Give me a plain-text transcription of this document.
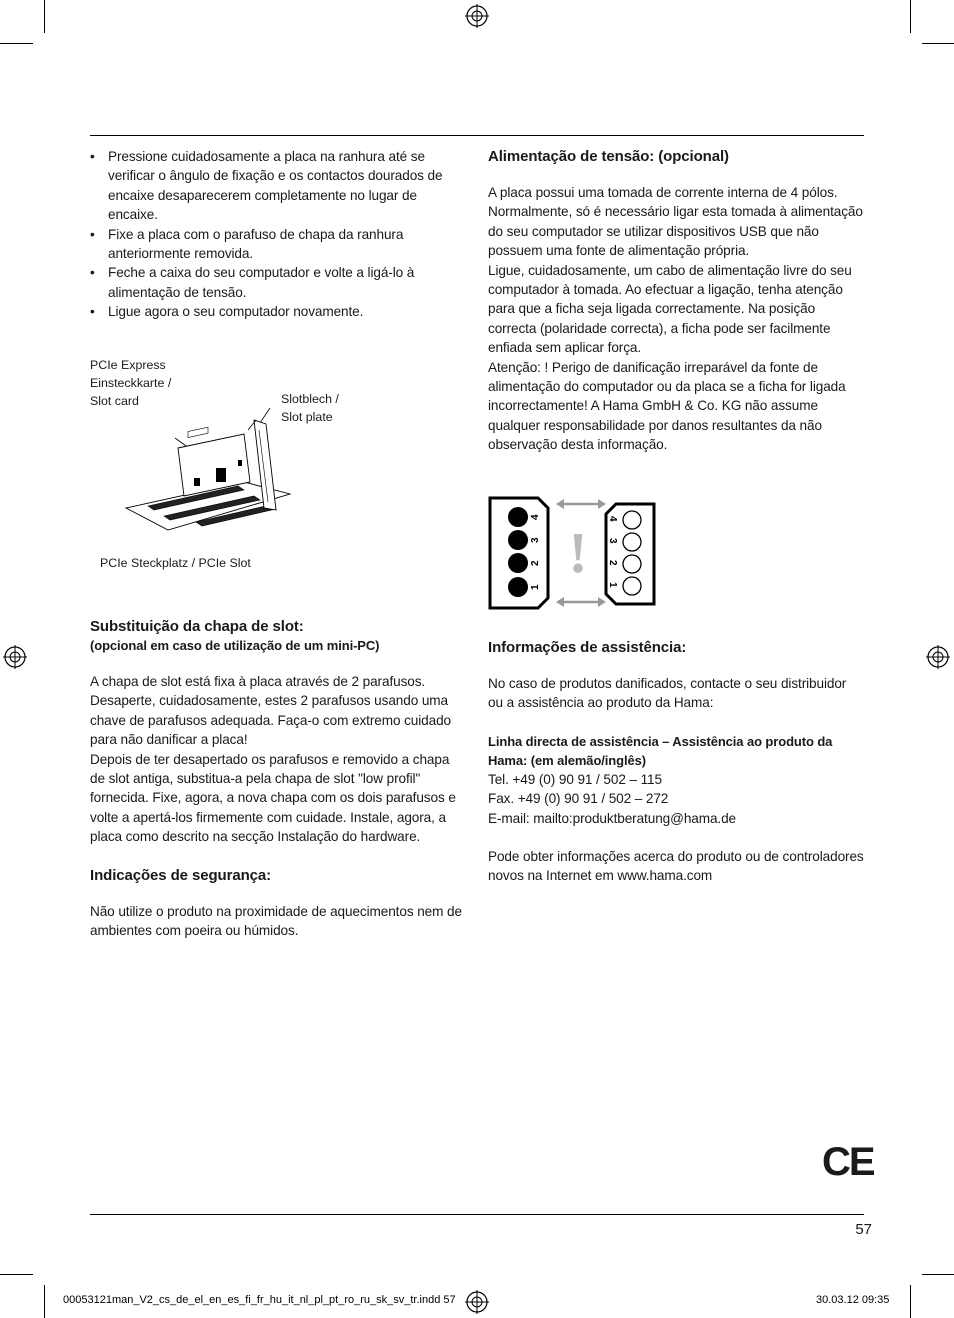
• Pressione cuidadosamente a placa na ranhura até se verificar o ângulo de fixação e os contactos dourados de encaixe desaparecerem completamente no lugar de encaixe.
• Fixe a placa com o parafuso de chapa da ranhura anteriormente removida.
• Feche a caixa do seu computador e volte a ligá-lo à alimentação de tensão.
• Ligue agora o seu computador novamente.
PCIe Express
Einsteckkarte /
Slot card	Slotblech /
Slot plate
PCIe Steckplatz / PCIe Slot

Substituição da chapa de slot:

(opcional em caso de utilização de um mini-PC)

A chapa de slot está fixa à placa através de 2 parafusos. Desaperte, cuidadosamente, estes 2 parafusos usando uma chave de parafusos adequada. Faça-o com extremo cuidado para não danificar a placa!

Depois de ter desapertado os parafusos e removido a chapa de slot antiga, substitua-a pela chapa de slot "low profil" fornecida. Fixe, agora, a nova chapa com os dois parafusos e volte a apertá-los firmemente com cuidade. Instale, agora, a placa como descrito na secção Instalação do hardware.

Indicações de segurança:

Não utilize o produto na proximidade de aquecimentos nem de ambientes com poeira ou húmidos.

Alimentação de tensão: (opcional)

A placa possui uma tomada de corrente interna de 4 pólos.

Normalmente, só é necessário ligar esta tomada à alimentação do seu computador se utilizar dispositivos USB que não possuem uma fonte de alimentação própria.

Ligue, cuidadosamente, um cabo de alimentação livre do seu computador à tomada. Ao efectuar a ligação, tenha atenção para que a ficha seja ligada correctamente. Na posição correcta (polaridade correcta), a ficha pode ser facilmente enfiada sem aplicar força.

Atenção: ! Perigo de danificação irreparável da fonte de alimentação do computador ou da placa se a ficha for ligada incorrectamente! A Hama GmbH & Co. KG não assume qualquer responsabilidade por danos resultantes da não observação desta informação.

1
2
3
4
!
4
3
2
1

Informações de assistência:

No caso de produtos danificados, contacte o seu distribuidor ou a assistência ao produto da Hama:

Linha directa de assistência – Assistência ao produto da Hama: (em alemão/inglês)

Tel. +49 (0) 90 91 / 502 – 115

Fax. +49 (0) 90 91 / 502 – 272

E-mail: mailto:produktberatung@hama.de

Pode obter informações acerca do produto ou de controladores novos na Internet em www.hama.com

CE
57
00053121man_V2_cs_de_el_en_es_fi_fr_hu_it_nl_pl_pt_ro_ru_sk_sv_tr.indd 57	30.03.12 09:35
